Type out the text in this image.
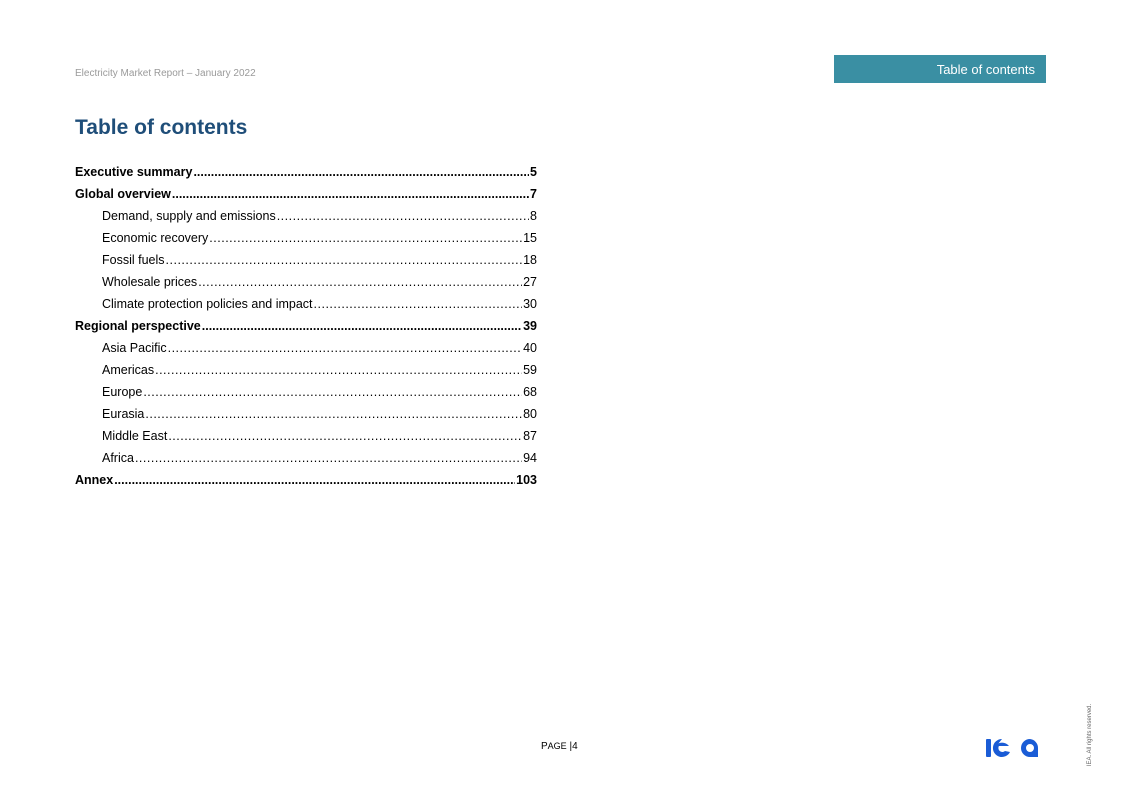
Electricity Market Report – January 2022	Table of contents
Table of contents
Executive summary .....	5
Global overview .....	7
Demand, supply and emissions .....	8
Economic recovery .....	15
Fossil fuels .....	18
Wholesale prices .....	27
Climate protection policies and impact .....	30
Regional perspective .....	39
Asia Pacific .....	40
Americas .....	59
Europe .....	68
Eurasia .....	80
Middle East .....	87
Africa .....	94
Annex .....	103
PAGE |4	IEA. All rights reserved.
